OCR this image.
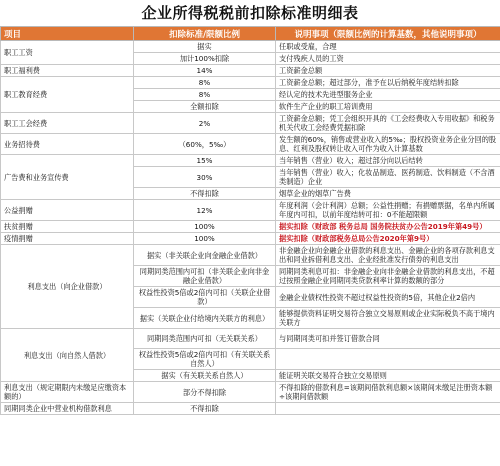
企业所得税税前扣除标准明细表
项目	扣除标准/限额比例	说明事项（限额比例的计算基数，其他说明事项）
职工工资	据实	任职或受雇，合理
	加计100%扣除	支付残疾人员的工资
职工福利费	14%	工资薪金总额
职工教育经费	8%	工资薪金总额；超过部分，准予在以后纳税年度结转扣除
	8%	经认定的技术先进型服务企业
	全额扣除	软件生产企业的职工培训费用
职工工会经费	2%	工资薪金总额；凭工会组织开具的《工会经费收入专用收据》和税务机关代收工会经费凭据扣除
业务招待费	（60%，5‰）	发生额的60%，销售或营业收入的5‰；股权投资业务企业分回的股息、红利及股权转让收入可作为收入计算基数
广告费和业务宣传费	15%	当年销售（营业）收入；超过部分向以后结转
	30%	当年销售（营业）收入；化妆品制造、医药制造、饮料制造（不含酒类制造）企业
	不得扣除	烟草企业的烟草广告费
公益捐赠	12%	年度利润（会计利润）总额；公益性捐赠；有捐赠票据，名单内所属年度内可扣，以前年度结转可扣：0不能超限额
扶贫捐赠	100%	据实扣除（财政部 税务总局 国务院扶贫办公告2019年第49号）
疫情捐赠	100%	据实扣除（财政部税务总局公告2020年第9号）
利息支出（向企业借款）	据实（非关联企业向金融企业借款）	非金融企业向金融企业借款的利息支出、金融企业的各项存款利息支出和同业拆借利息支出、企业经批准发行债券的利息支出
	同期同类范围内可扣（非关联企业向非金融企业借款）	同期同类利息可扣：非金融企业向非金融企业借款的利息支出，不超过按照金融企业同期同类贷款利率计算的数额的部分
	权益性投资5倍或2倍内可扣（关联企业借款）	金融企业债权性投资不超过权益性投资的5倍，其他企业2倍内
	据实（关联企业付给境内关联方的利息）	能够提供资料证明交易符合独立交易原则或企业实际税负不高于境内关联方
利息支出（向自然人借款）	同期同类范围内可扣（无关联关系）	与同期同类可扣并签订借款合同
	权益性投资5倍或2倍内可扣（有关联关系自然人）	
	据实（有关联关系自然人）	能证明关联交易符合独立交易原则
利息支出（规定期限内未缴足应缴资本额的）	部分不得扣除	不得扣除的借款利息=该期间借款利息额×该期间未缴足注册资本额÷该期间借款额
同期同类企业中营业机构借款利息	不得扣除	
